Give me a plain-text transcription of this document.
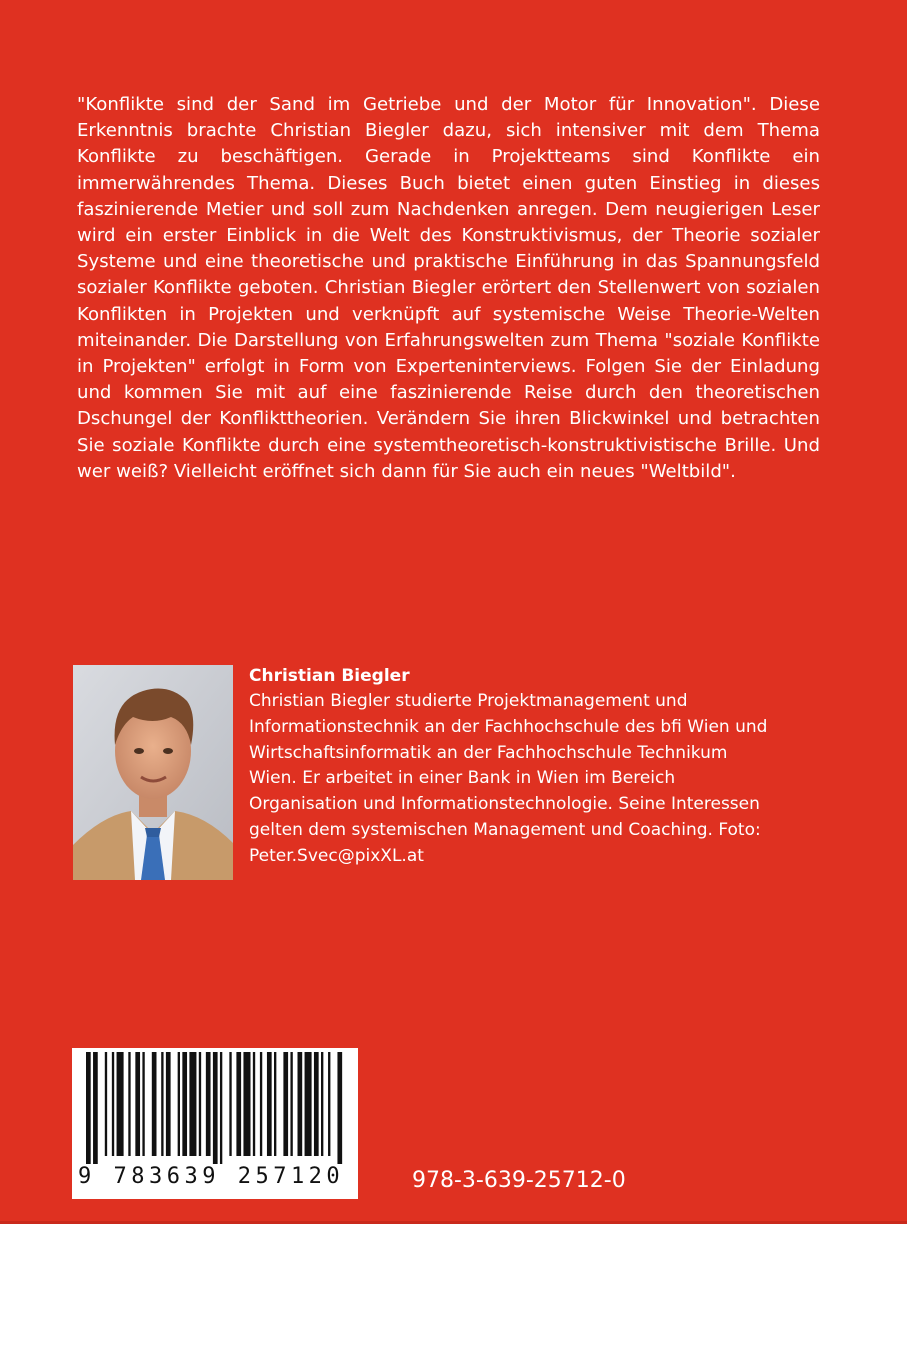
"Konflikte sind der Sand im Getriebe und der Motor für Innovation". Diese Erkenntnis brachte Christian Biegler dazu, sich intensiver mit dem Thema Konflikte zu beschäftigen. Gerade in Projektteams sind Konflikte ein immerwährendes Thema. Dieses Buch bietet einen guten Einstieg in dieses faszinierende Metier und soll zum Nachdenken anregen. Dem neugierigen Leser wird ein erster Einblick in die Welt des Konstruktivismus, der Theorie sozialer Systeme und eine theoretische und praktische Einführung in das Spannungsfeld sozialer Konflikte geboten. Christian Biegler erörtert den Stellenwert von sozialen Konflikten in Projekten und verknüpft auf systemische Weise Theorie-Welten miteinander. Die Darstellung von Erfahrungswelten zum Thema "soziale Konflikte in Projekten" erfolgt in Form von Experteninterviews. Folgen Sie der Einladung und kommen Sie mit auf eine faszinierende Reise durch den theoretischen Dschungel der Konflikttheorien. Verändern Sie ihren Blickwinkel und betrachten Sie soziale Konflikte durch eine systemtheoretisch-konstruktivistische Brille. Und wer weiß? Vielleicht eröffnet sich dann für Sie auch ein neues "Weltbild".

Christian Biegler

Christian Biegler studierte Projektmanagement und Informationstechnik an der Fachhochschule des bfi Wien und Wirtschaftsinformatik an der Fachhochschule Technikum Wien. Er arbeitet in einer Bank in Wien im Bereich Organisation und Informationstechnologie. Seine Interessen gelten dem systemischen Management und Coaching. Foto: Peter.Svec@pixXL.at

9 783639 257120	978-3-639-25712-0
